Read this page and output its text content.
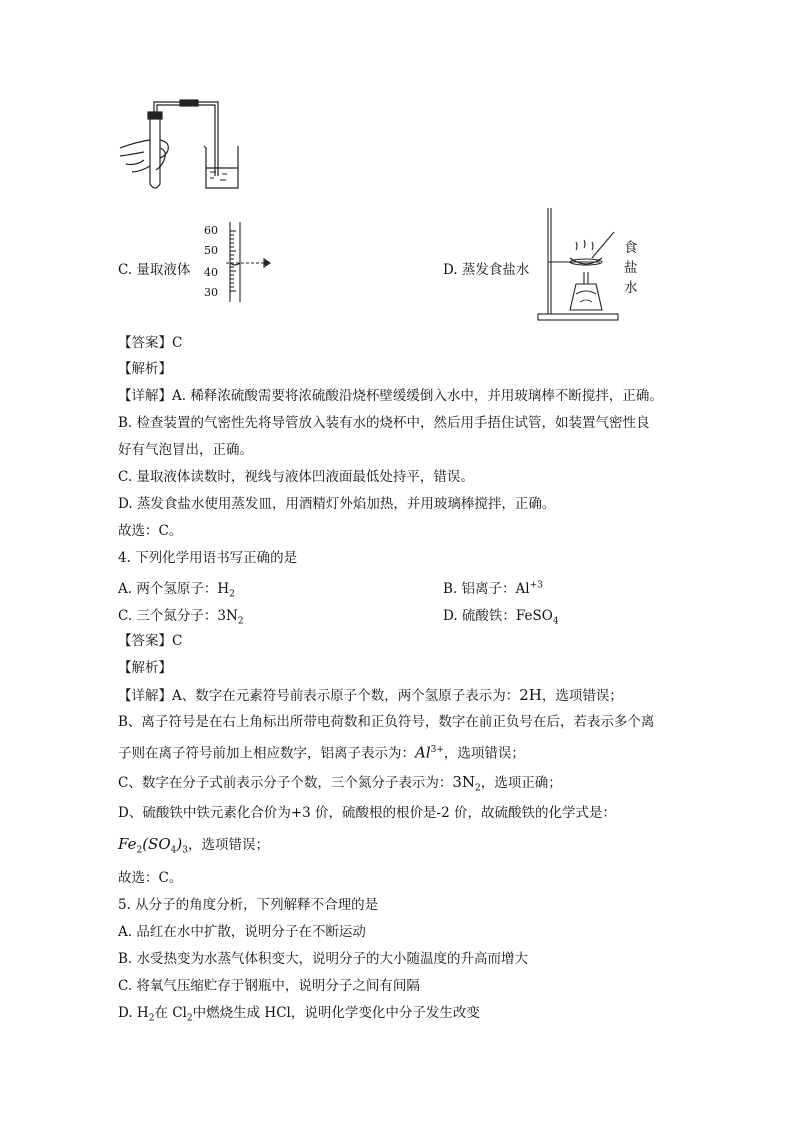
C. 量取液体
60
50
40
30
D. 蒸发食盐水
食
盐
水
【答案】C
【解析】
【详解】A. 稀释浓硫酸需要将浓硫酸沿烧杯壁缓缓倒入水中，并用玻璃棒不断搅拌，正确。
B. 检查装置的气密性先将导管放入装有水的烧杯中，然后用手捂住试管，如装置气密性良
好有气泡冒出，正确。
C. 量取液体读数时，视线与液体凹液面最低处持平，错误。
D. 蒸发食盐水使用蒸发皿，用酒精灯外焰加热，并用玻璃棒搅拌，正确。
故选：C。
4. 下列化学用语书写正确的是
A. 两个氢原子：$H_2$	B. 铝离子：$Al^{+3}$
C. 三个氮分子：$3N_2$	D. 硫酸铁：FeSO$_4$
【答案】C
【解析】
【详解】A、数字在元素符号前表示原子个数，两个氢原子表示为：2H，选项错误；
B、离子符号是在右上角标出所带电荷数和正负符号，数字在前正负号在后，若表示多个离
子则在离子符号前加上相应数字，铝离子表示为：$Al^{3+}$，选项错误；
C、数字在分子式前表示分子个数，三个氮分子表示为：$3N_2$，选项正确；
D、硫酸铁中铁元素化合价为+3 价，硫酸根的根价是-2 价，故硫酸铁的化学式是：
$Fe_2(SO_4)_3$，选项错误；
故选：C。
5. 从分子的角度分析，下列解释不合理的是
A. 品红在水中扩散，说明分子在不断运动
B. 水受热变为水蒸气体积变大，说明分子的大小随温度的升高而增大
C. 将氧气压缩贮存于钢瓶中，说明分子之间有间隔
D. $H_2$在 $Cl_2$中燃烧生成 HCl，说明化学变化中分子发生改变
